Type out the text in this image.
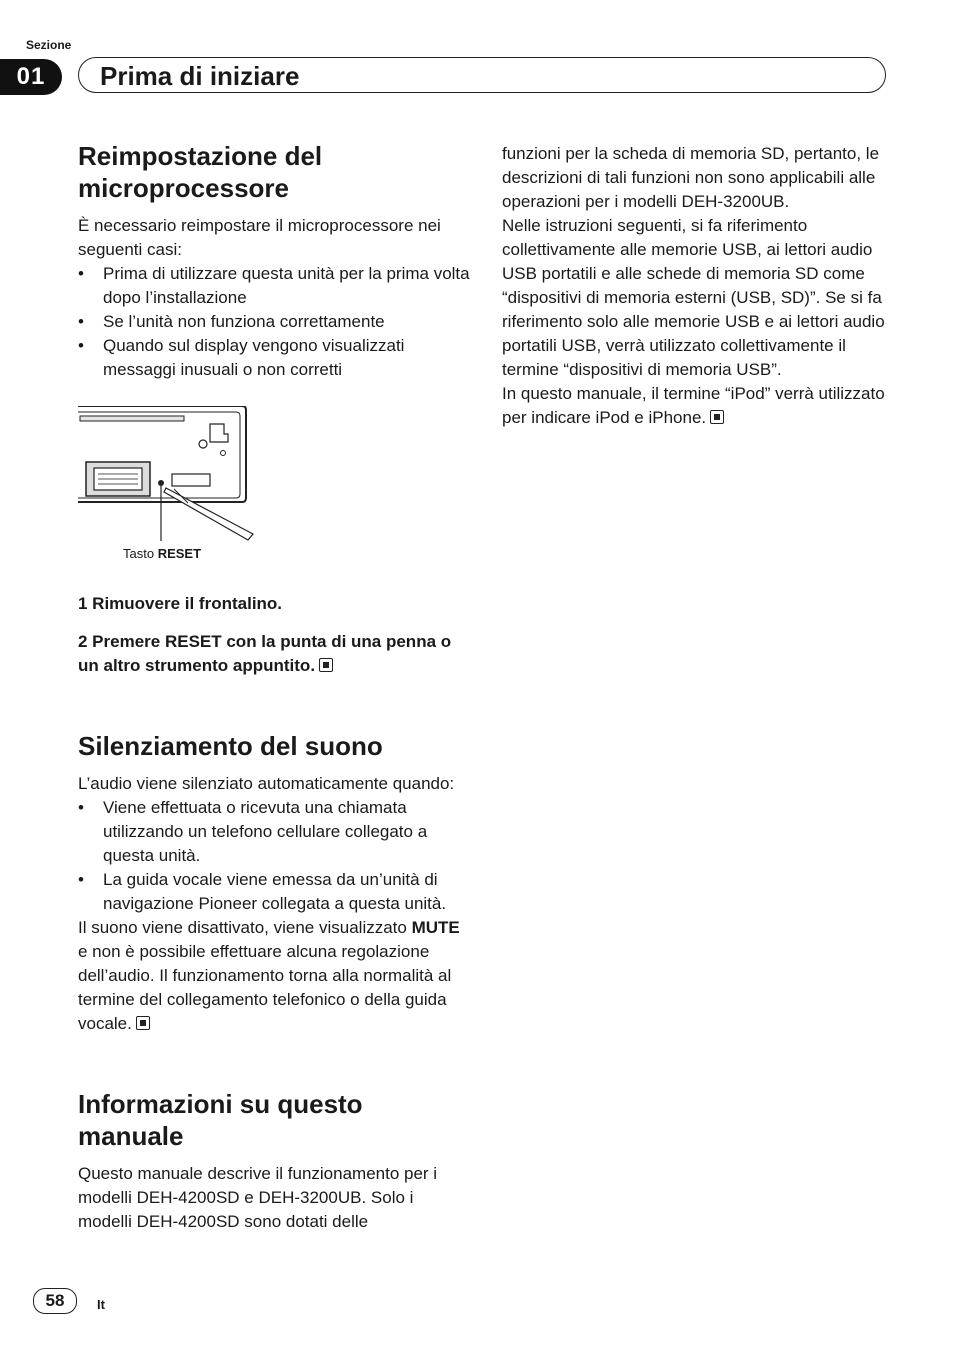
Sezione
01	Prima di iniziare
Reimpostazione del microprocessore

È necessario reimpostare il microprocessore nei seguenti casi:

• Prima di utilizzare questa unità per la prima volta dopo l’installazione
• Se l’unità non funziona correttamente
• Quando sul display vengono visualizzati messaggi inusuali o non corretti
Tasto RESET
1 Rimuovere il frontalino.
2 Premere RESET con la punta di una penna o un altro strumento appuntito.
Silenziamento del suono

L’audio viene silenziato automaticamente quando:

• Viene effettuata o ricevuta una chiamata utilizzando un telefono cellulare collegato a questa unità.
• La guida vocale viene emessa da un’unità di navigazione Pioneer collegata a questa unità.

Il suono viene disattivato, viene visualizzato MUTE e non è possibile effettuare alcuna regolazione dell’audio. Il funzionamento torna alla normalità al termine del collegamento telefonico o della guida vocale.

Informazioni su questo manuale

Questo manuale descrive il funzionamento per i modelli DEH-4200SD e DEH-3200UB. Solo i modelli DEH-4200SD sono dotati delle

funzioni per la scheda di memoria SD, pertanto, le descrizioni di tali funzioni non sono applicabili alle operazioni per i modelli DEH-3200UB.

Nelle istruzioni seguenti, si fa riferimento collettivamente alle memorie USB, ai lettori audio USB portatili e alle schede di memoria SD come “dispositivi di memoria esterni (USB, SD)”. Se si fa riferimento solo alle memorie USB e ai lettori audio portatili USB, verrà utilizzato collettivamente il termine “dispositivi di memoria USB”.

In questo manuale, il termine “iPod” verrà utilizzato per indicare iPod e iPhone.

58	It
